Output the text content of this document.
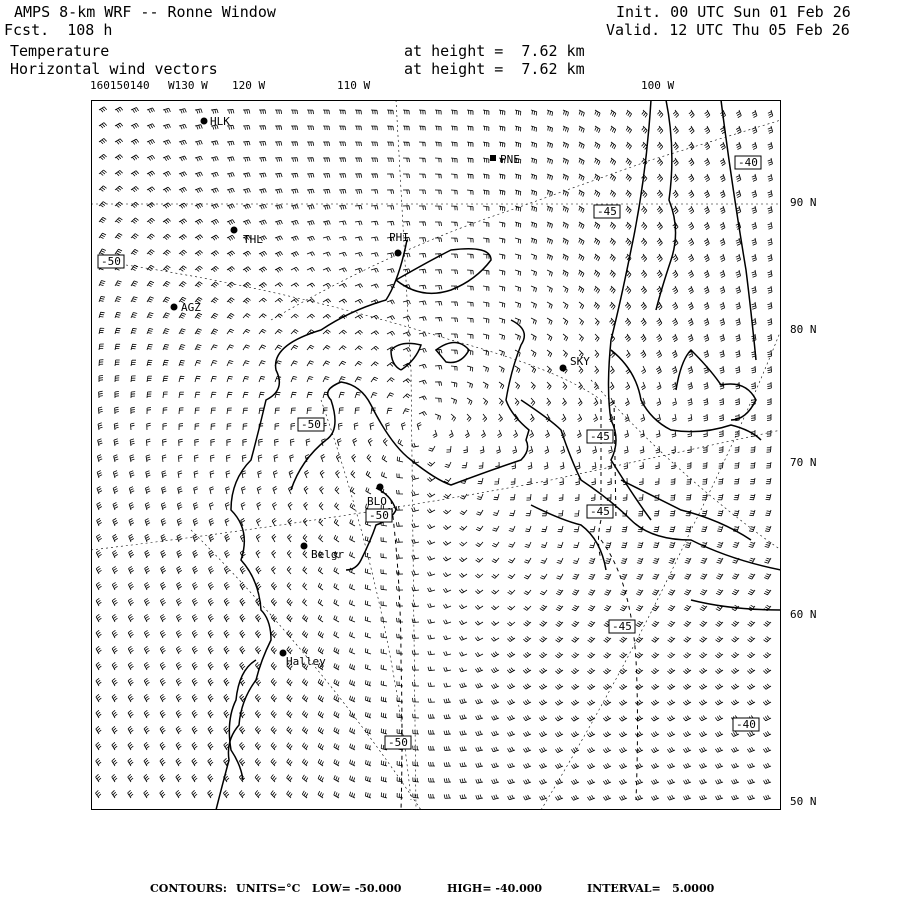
AMPS 8-km WRF -- Ronne Window
Fcst.  108 h
Init. 00 UTC Sun 01 Feb 26
Valid. 12 UTC Thu 05 Feb 26
Temperature
Horizontal wind vectors
at height =  7.62 km
at height =  7.62 km
160150140 W130 W 120 W	110 W	100 W
90 N
80 N
70 N
60 N
50 N
-50
-50
-50
-50
-45
-45
-45
-45
-40
-40
HLK
PNE
THL	PHI
AGZ
SKY
BLO
Belgr
Halley
CONTOURS: UNITS=°C LOW= -50.000	HIGH= -40.000	INTERVAL=   5.0000
